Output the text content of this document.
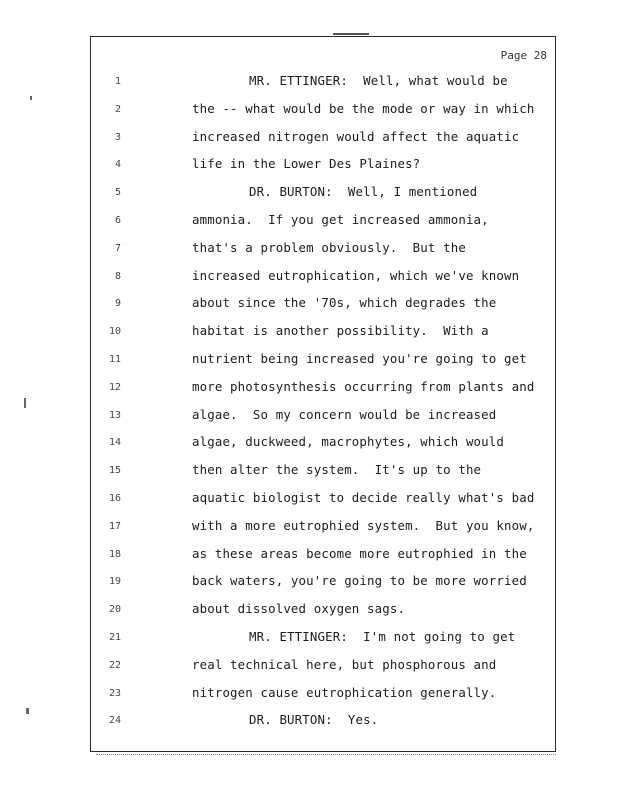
Page 28
1	MR. ETTINGER:  Well, what would be
2	the -- what would be the mode or way in which
3	increased nitrogen would affect the aquatic
4	life in the Lower Des Plaines?
5	DR. BURTON:  Well, I mentioned
6	ammonia.  If you get increased ammonia,
7	that's a problem obviously.  But the
8	increased eutrophication, which we've known
9	about since the '70s, which degrades the
10	habitat is another possibility.  With a
11	nutrient being increased you're going to get
12	more photosynthesis occurring from plants and
13	algae.  So my concern would be increased
14	algae, duckweed, macrophytes, which would
15	then alter the system.  It's up to the
16	aquatic biologist to decide really what's bad
17	with a more eutrophied system.  But you know,
18	as these areas become more eutrophied in the
19	back waters, you're going to be more worried
20	about dissolved oxygen sags.
21	MR. ETTINGER:  I'm not going to get
22	real technical here, but phosphorous and
23	nitrogen cause eutrophication generally.
24	DR. BURTON:  Yes.
